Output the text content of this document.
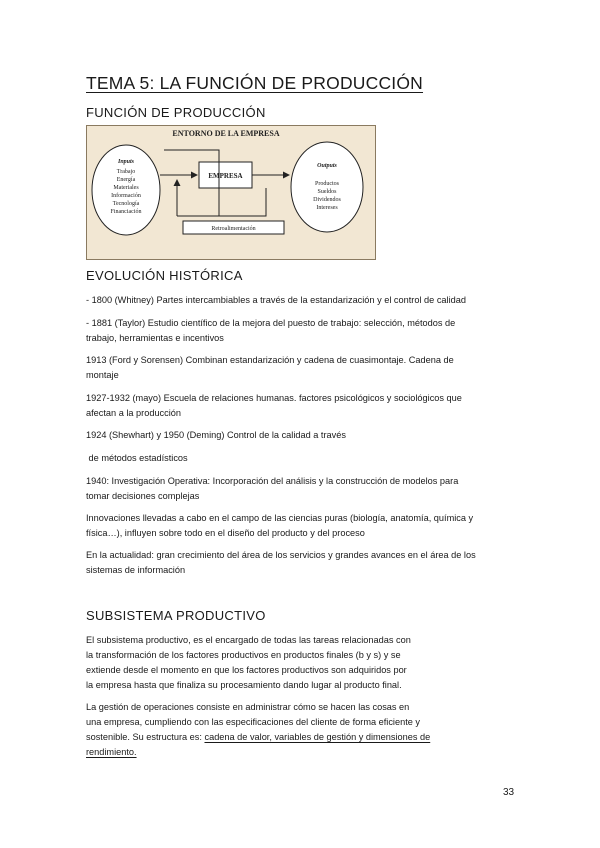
TEMA 5: LA FUNCIÓN DE PRODUCCIÓN
FUNCIÓN DE PRODUCCIÓN
ENTORNO DE LA EMPRESA
Inputs
Trabajo
Energía
Materiales
Información
Tecnología
Financiación
Outputs
Productos
Sueldos
Dividendos
Intereses
EMPRESA
Retroalimentación
EVOLUCIÓN HISTÓRICA
- 1800 (Whitney) Partes intercambiables a través de la estandarización y el control de calidad
- 1881 (Taylor) Estudio científico de la mejora del puesto de trabajo: selección, métodos de
trabajo, herramientas e incentivos
1913 (Ford y Sorensen) Combinan estandarización y cadena de cuasimontaje. Cadena de
montaje
1927-1932 (mayo) Escuela de relaciones humanas. factores psicológicos y sociológicos que
afectan a la producción
1924 (Shewhart) y 1950 (Deming) Control de la calidad a través
de métodos estadísticos
1940: Investigación Operativa: Incorporación del análisis y la construcción de modelos para
tomar decisiones complejas
Innovaciones llevadas a cabo en el campo de las ciencias puras (biología, anatomía, química y
física…), influyen sobre todo en el diseño del producto y del proceso
En la actualidad: gran crecimiento del área de los servicios y grandes avances en el área de los
sistemas de información
SUBSISTEMA PRODUCTIVO
El subsistema productivo, es el encargado de todas las tareas relacionadas con
la transformación de los factores productivos en productos finales (b y s) y se
extiende desde el momento en que los factores productivos son adquiridos por
la empresa hasta que finaliza su procesamiento dando lugar al producto final.
La gestión de operaciones consiste en administrar cómo se hacen las cosas en
una empresa, cumpliendo con las especificaciones del cliente de forma eficiente y
sostenible. Su estructura es: cadena de valor, variables de gestión y dimensiones de
rendimiento.
33
